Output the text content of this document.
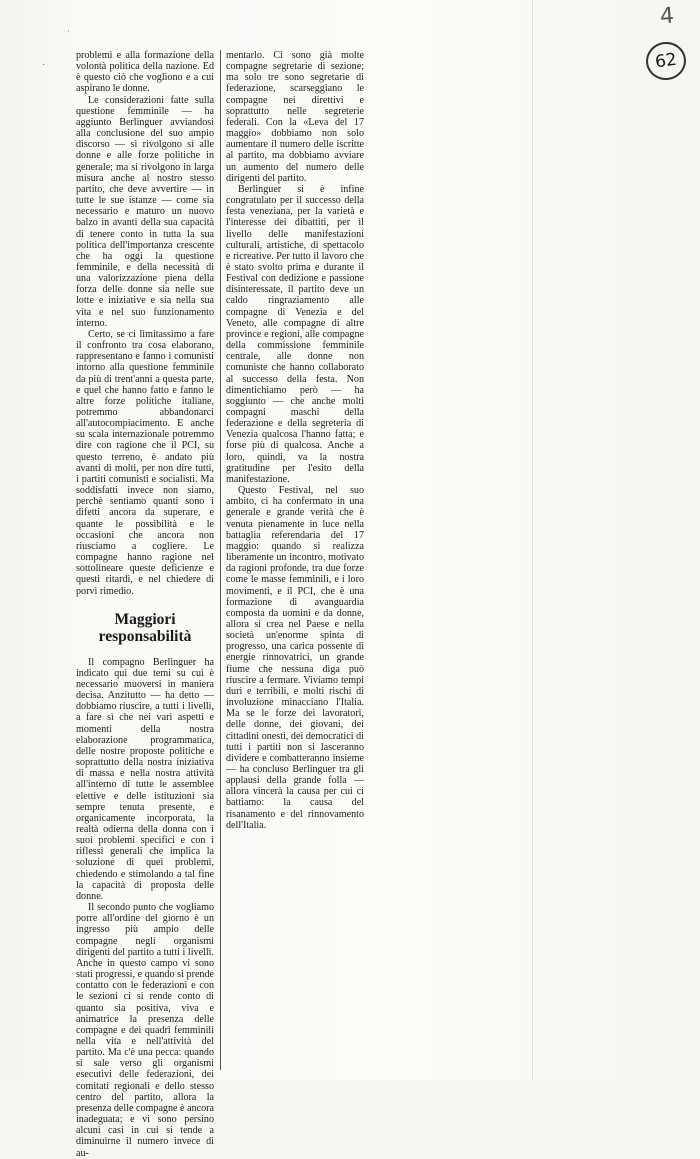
4
62
˙
·

problemi e alla formazione della volontà politica della nazione. Ed è questo ciò che vogliono e a cui aspirano le donne.

Le considerazioni fatte sulla questione femminile — ha aggiunto Berlinguer avviandosi alla conclusione del suo ampio discorso — si rivolgono sì alle donne e alle forze politiche in generale; ma si rivolgono in larga misura anche al nostro stesso partito, che deve avvertire — in tutte le sue istanze — come sia necessario e maturo un nuovo balzo in avanti della sua capacità di tenere conto in tutta la sua politica dell'importanza crescente che ha oggi la questione femminile, e della necessità di una valorizzazione piena della forza delle donne sia nelle sue lotte e iniziative e sia nella sua vita e nel suo funzionamento interno.

Certo, se ci limitassimo a fare il confronto tra cosa elaborano, rappresentano e fanno i comunisti intorno alla questione femminile da più di trent'anni a questa parte, e quel che hanno fatto e fanno le altre forze politiche italiane, potremmo abbandonarci all'autocompiacimento. E anche su scala internazionale potremmo dire con ragione che il PCI, su questo terreno, è andato più avanti di molti, per non dire tutti, i partiti comunisti e socialisti. Ma soddisfatti invece non siamo, perchè sentiamo quanti sono i difetti ancora da superare, e quante le possibilità e le occasioni che ancora non riusciamo a cogliere. Le compagne hanno ragione nel sottolineare queste deficienze e questi ritardi, e nel chiedere di porvi rimedio.

Maggiori responsabilità

Il compagno Berlinguer ha indicato qui due temi su cui è necessario muoversi in maniera decisa. Anzitutto — ha detto — dobbiamo riuscire, a tutti i livelli, a fare sì che nei vari aspetti e momenti della nostra elaborazione programmatica, delle nostre proposte politiche e soprattutto della nostra iniziativa di massa e nella nostra attività all'interno di tutte le assemblee elettive e delle istituzioni sia sempre tenuta presente, e organicamente incorporata, la realtà odierna della donna con i suoi problemi specifici e con i riflessi generali che implica la soluzione di quei problemi, chiedendo e stimolando a tal fine la capacità di proposta delle donne.

Il secondo punto che vogliamo porre all'ordine del giorno è un ingresso più ampio delle compagne negli organismi dirigenti del partito a tutti i livelli. Anche in questo campo vi sono stati progressi, e quando si prende contatto con le federazioni e con le sezioni ci si rende conto di quanto sia positiva, viva e animatrice la presenza delle compagne e dei quadri femminili nella vita e nell'attività del partito. Ma c'è una pecca: quando si sale verso gli organismi esecutivi delle federazioni, dei comitati regionali e dello stesso centro del partito, allora la presenza delle compagne è ancora inadeguata; e vi sono persino alcuni casi in cui si tende a diminuirne il numero invece di au-

mentarlo. Ci sono già molte compagne segretarie di sezione; ma solo tre sono segretarie di federazione, scarseggiano le compagne nei direttivi e soprattutto nelle segreterie federali. Con la «Leva del 17 maggio» dobbiamo non solo aumentare il numero delle iscritte al partito, ma dobbiamo avviare un aumento del numero delle dirigenti del partito.

Berlinguer si è infine congratulato per il successo della festa veneziana, per la varietà e l'interesse dei dibattiti, per il livello delle manifestazioni culturali, artistiche, di spettacolo e ricreative. Per tutto il lavoro che è stato svolto prima e durante il Festival con dedizione e passione disinteressate, il partito deve un caldo ringraziamento alle compagne di Venezia e del Veneto, alle compagne di altre province e regioni, alle compagne della commissione femminile centrale, alle donne non comuniste che hanno collaborato al successo della festa. Non dimentichiamo però — ha soggiunto — che anche molti compagni maschi della federazione e della segreteria di Venezia qualcosa l'hanno fatta; e forse più di qualcosa. Anche a loro, quindi, va la nostra gratitudine per l'esito della manifestazione.

Questo Festival, nel suo ambito, ci ha confermato in una generale e grande verità che è venuta pienamente in luce nella battaglia referendaria del 17 maggio: quando si realizza liberamente un incontro, motivato da ragioni profonde, tra due forze come le masse femminili, e i loro movimenti, e il PCI, che è una formazione di avanguardia composta da uomini e da donne, allora si crea nel Paese e nella società un'enorme spinta di progresso, una carica possente di energie rinnovatrici, un grande fiume che nessuna diga può riuscire a fermare. Viviamo tempi duri e terribili, e molti rischi di involuzione minacciano l'Italia. Ma se le forze dei lavoratori, delle donne, dei giovani, dei cittadini onesti, dei democratici di tutti i partiti non si lasceranno dividere e combatteranno insieme — ha concluso Berlinguer tra gli applausi della grande folla — allora vincerà la causa per cui ci battiamo: la causa del risanamento e del rinnovamento dell'Italia.
